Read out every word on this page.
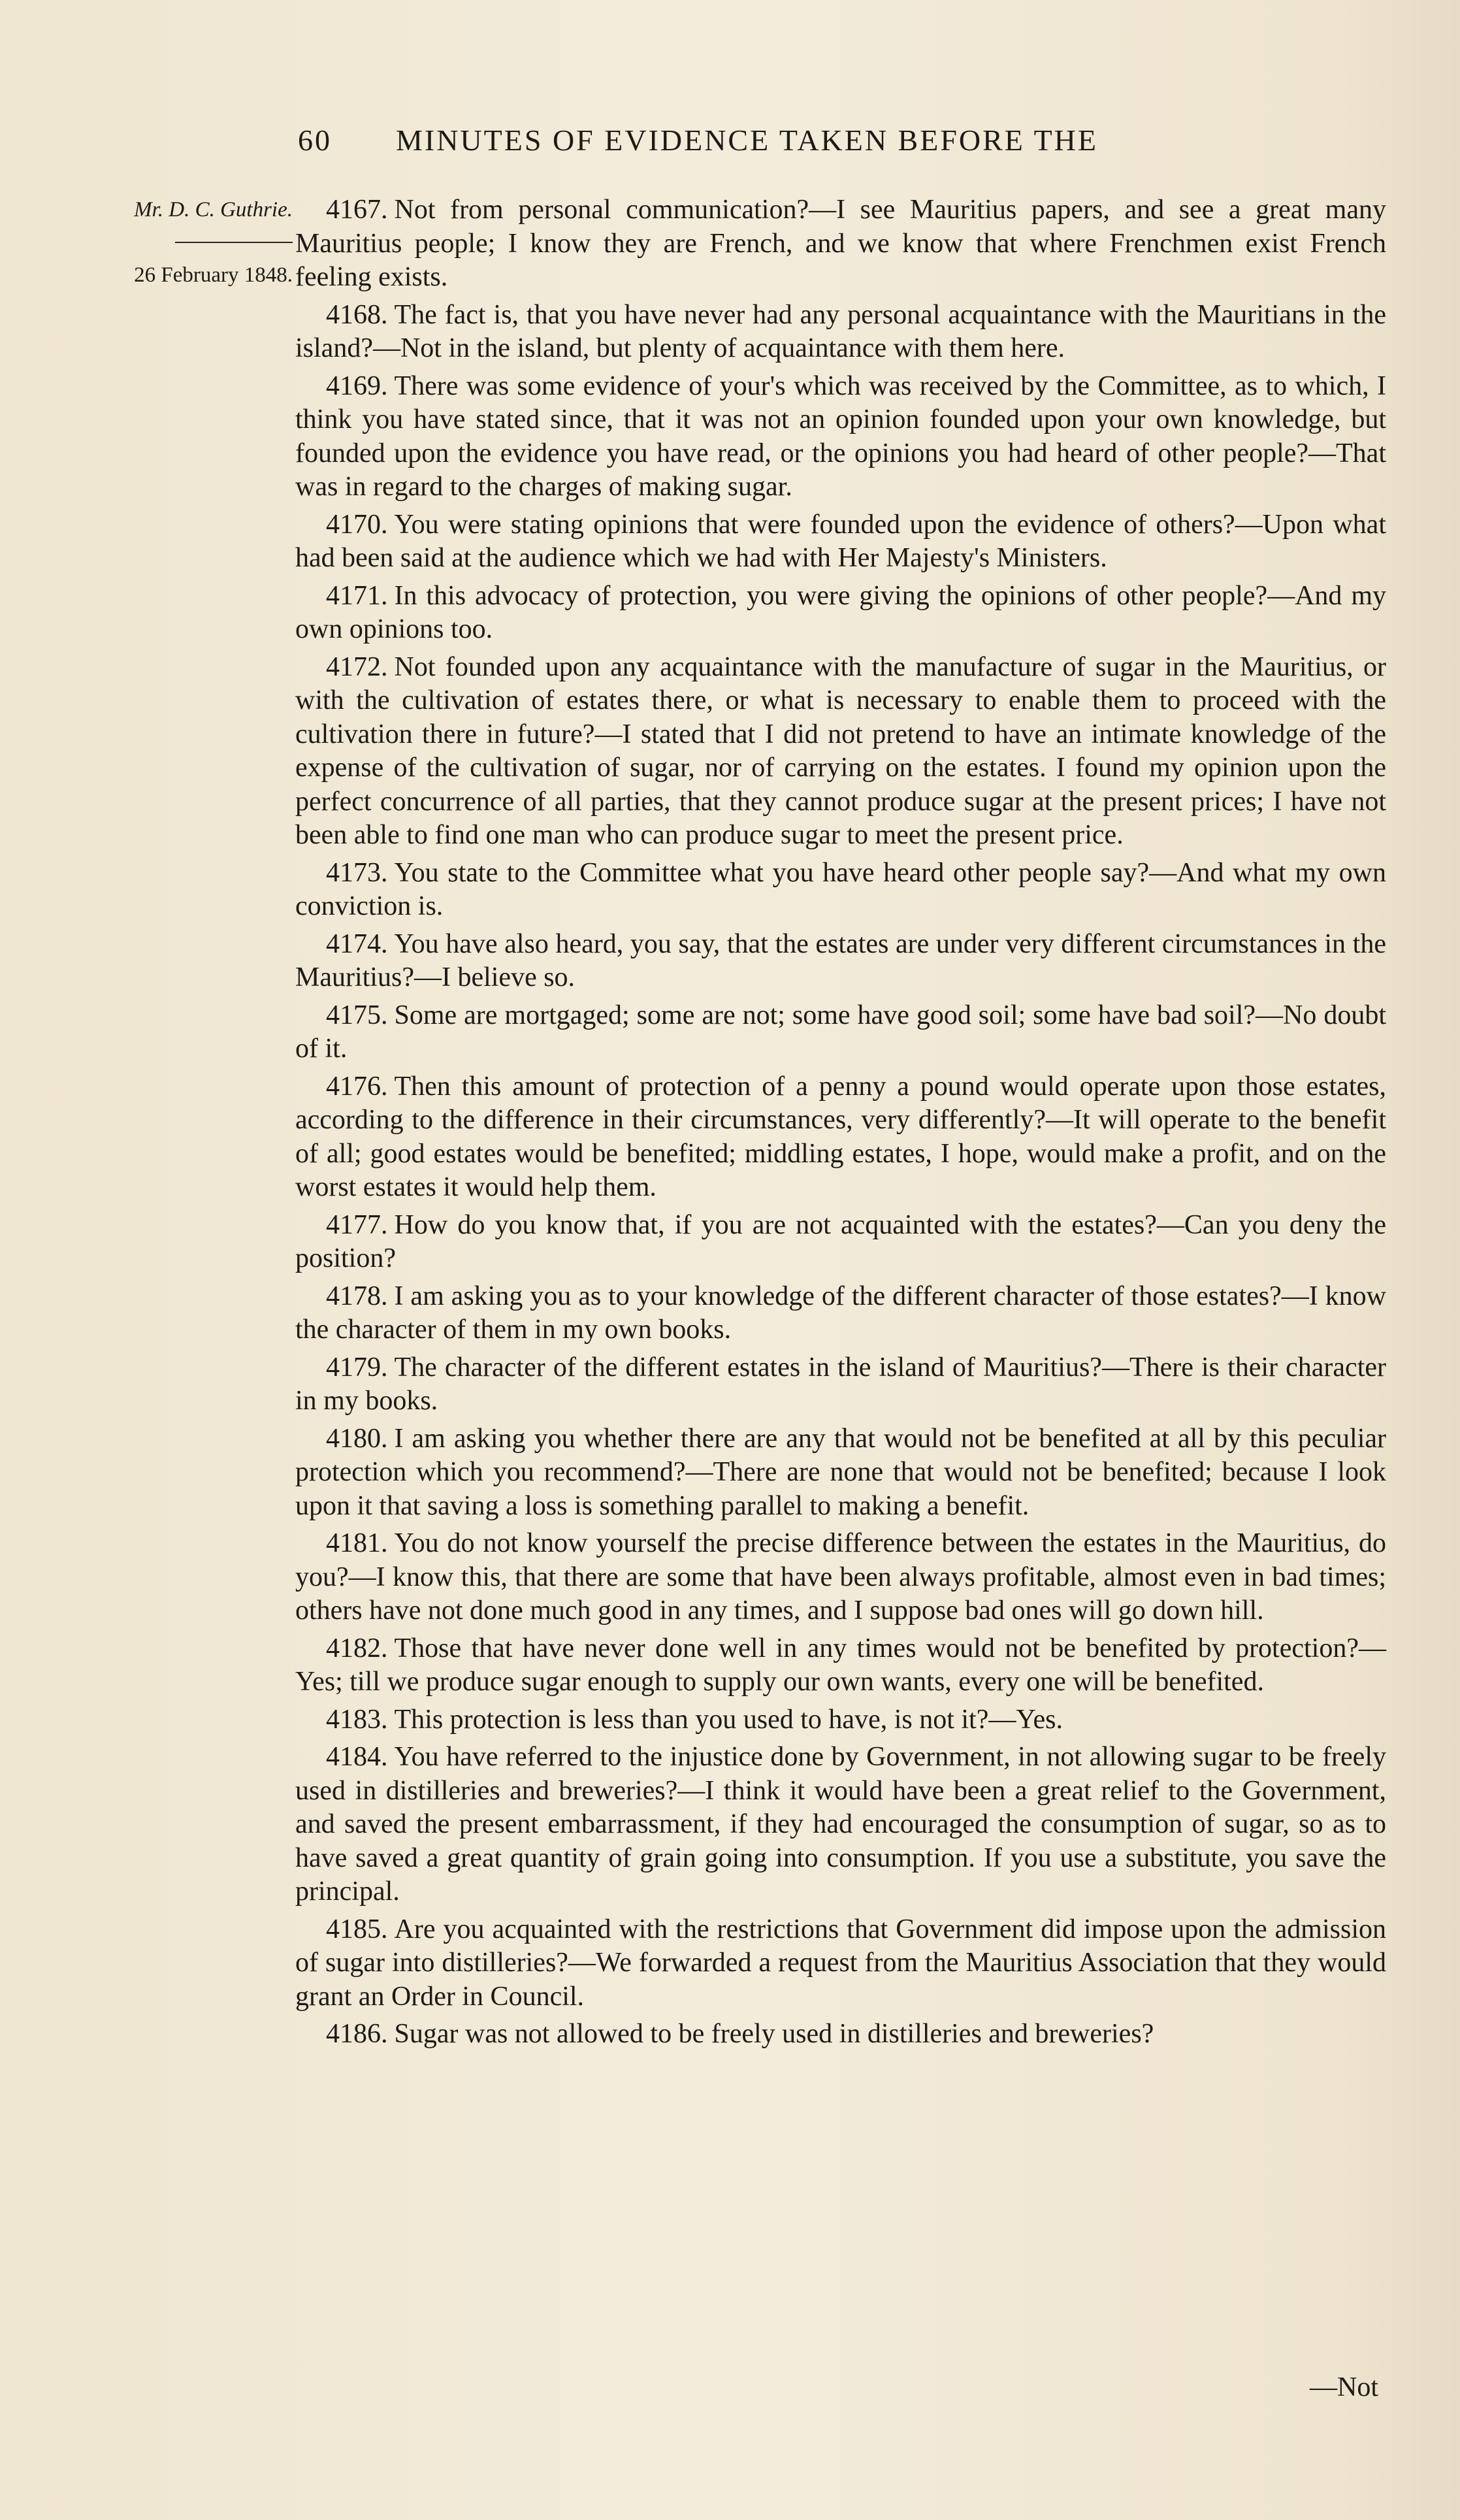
60 MINUTES OF EVIDENCE TAKEN BEFORE THE
Mr. D. C. Guthrie.
26 February 1848.

4167. Not from personal communication?—I see Mauritius papers, and see a great many Mauritius people; I know they are French, and we know that where Frenchmen exist French feeling exists.

4168. The fact is, that you have never had any personal acquaintance with the Mauritians in the island?—Not in the island, but plenty of acquaintance with them here.

4169. There was some evidence of your's which was received by the Committee, as to which, I think you have stated since, that it was not an opinion founded upon your own knowledge, but founded upon the evidence you have read, or the opinions you had heard of other people?—That was in regard to the charges of making sugar.

4170. You were stating opinions that were founded upon the evidence of others?—Upon what had been said at the audience which we had with Her Majesty's Ministers.

4171. In this advocacy of protection, you were giving the opinions of other people?—And my own opinions too.

4172. Not founded upon any acquaintance with the manufacture of sugar in the Mauritius, or with the cultivation of estates there, or what is necessary to enable them to proceed with the cultivation there in future?—I stated that I did not pretend to have an intimate knowledge of the expense of the cultivation of sugar, nor of carrying on the estates. I found my opinion upon the perfect concurrence of all parties, that they cannot produce sugar at the present prices; I have not been able to find one man who can produce sugar to meet the present price.

4173. You state to the Committee what you have heard other people say?—And what my own conviction is.

4174. You have also heard, you say, that the estates are under very different circumstances in the Mauritius?—I believe so.

4175. Some are mortgaged; some are not; some have good soil; some have bad soil?—No doubt of it.

4176. Then this amount of protection of a penny a pound would operate upon those estates, according to the difference in their circumstances, very differently?—It will operate to the benefit of all; good estates would be benefited; middling estates, I hope, would make a profit, and on the worst estates it would help them.

4177. How do you know that, if you are not acquainted with the estates?—Can you deny the position?

4178. I am asking you as to your knowledge of the different character of those estates?—I know the character of them in my own books.

4179. The character of the different estates in the island of Mauritius?—There is their character in my books.

4180. I am asking you whether there are any that would not be benefited at all by this peculiar protection which you recommend?—There are none that would not be benefited; because I look upon it that saving a loss is something parallel to making a benefit.

4181. You do not know yourself the precise difference between the estates in the Mauritius, do you?—I know this, that there are some that have been always profitable, almost even in bad times; others have not done much good in any times, and I suppose bad ones will go down hill.

4182. Those that have never done well in any times would not be benefited by protection?—Yes; till we produce sugar enough to supply our own wants, every one will be benefited.

4183. This protection is less than you used to have, is not it?—Yes.

4184. You have referred to the injustice done by Government, in not allowing sugar to be freely used in distilleries and breweries?—I think it would have been a great relief to the Government, and saved the present embarrassment, if they had encouraged the consumption of sugar, so as to have saved a great quantity of grain going into consumption. If you use a substitute, you save the principal.

4185. Are you acquainted with the restrictions that Government did impose upon the admission of sugar into distilleries?—We forwarded a request from the Mauritius Association that they would grant an Order in Council.

4186. Sugar was not allowed to be freely used in distilleries and breweries?

—Not
